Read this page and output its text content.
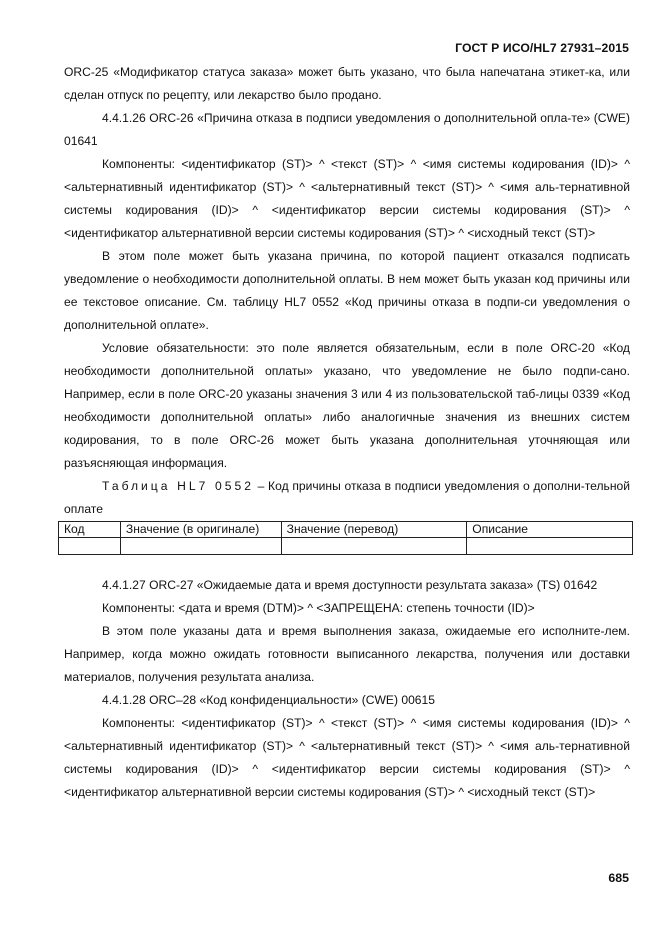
ГОСТ Р ИСО/HL7 27931–2015
ORC-25 «Модификатор статуса заказа» может быть указано, что была напечатана этикет-ка, или сделан отпуск по рецепту, или лекарство было продано.
4.4.1.26 ORC-26 «Причина отказа в подписи уведомления о дополнительной опла-те» (CWE) 01641
Компоненты: <идентификатор (ST)> ^ <текст (ST)> ^ <имя системы кодирования (ID)> ^ <альтернативный идентификатор (ST)> ^ <альтернативный текст (ST)> ^ <имя аль-тернативной системы кодирования (ID)> ^ <идентификатор версии системы кодирования (ST)> ^ <идентификатор альтернативной версии системы кодирования (ST)> ^ <исходный текст (ST)>
В этом поле может быть указана причина, по которой пациент отказался подписать уведомление о необходимости дополнительной оплаты. В нем может быть указан код причины или ее текстовое описание. См. таблицу HL7 0552 «Код причины отказа в подпи-си уведомления о дополнительной оплате».
Условие обязательности: это поле является обязательным, если в поле ORC-20 «Код необходимости дополнительной оплаты» указано, что уведомление не было подпи-сано. Например, если в поле ORC-20 указаны значения 3 или 4 из пользовательской таб-лицы 0339 «Код необходимости дополнительной оплаты» либо аналогичные значения из внешних систем кодирования, то в поле ORC-26 может быть указана дополнительная уточняющая или разъясняющая информация.
Таблица HL7 0552 – Код причины отказа в подписи уведомления о дополни-тельной оплате
Код	Значение (в оригинале)	Значение (перевод)	Описание

4.4.1.27 ORC-27 «Ожидаемые дата и время доступности результата заказа» (TS) 01642
Компоненты: <дата и время (DTM)> ^ <ЗАПРЕЩЕНА: степень точности (ID)>
В этом поле указаны дата и время выполнения заказа, ожидаемые его исполните-лем. Например, когда можно ожидать готовности выписанного лекарства, получения или доставки материалов, получения результата анализа.
4.4.1.28 ORC–28 «Код конфиденциальности» (CWE) 00615
Компоненты: <идентификатор (ST)> ^ <текст (ST)> ^ <имя системы кодирования (ID)> ^ <альтернативный идентификатор (ST)> ^ <альтернативный текст (ST)> ^ <имя аль-тернативной системы кодирования (ID)> ^ <идентификатор версии системы кодирования (ST)> ^ <идентификатор альтернативной версии системы кодирования (ST)> ^ <исходный текст (ST)>
685
